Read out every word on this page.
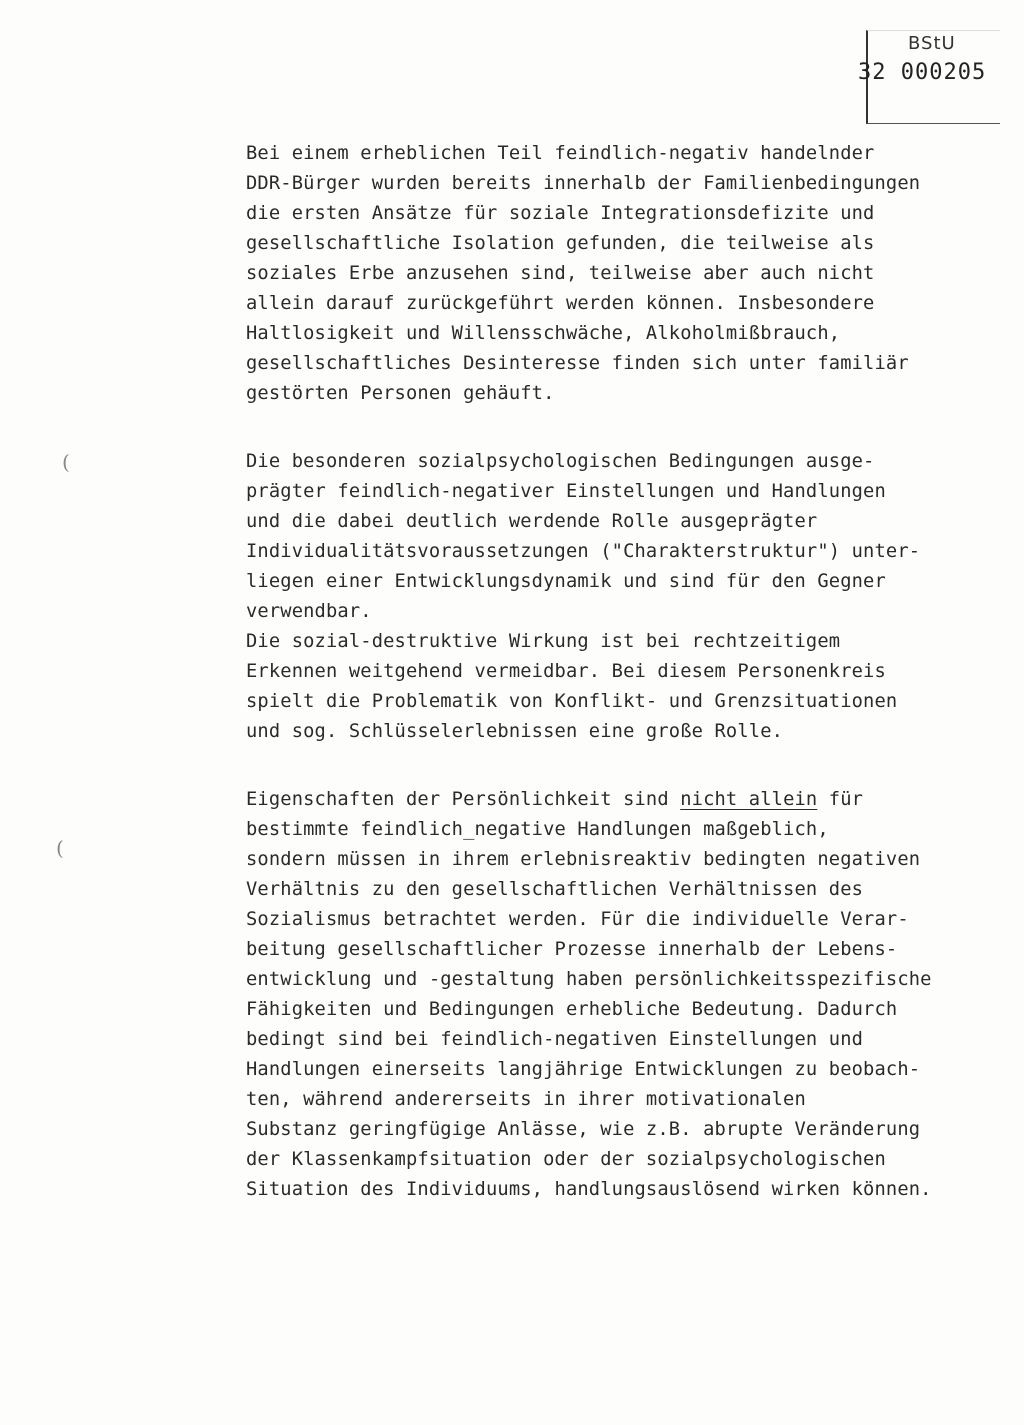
BStU
32 000205
(
(
Bei einem erheblichen Teil feindlich-negativ handelnder
DDR-Bürger wurden bereits innerhalb der Familienbedingungen
die ersten Ansätze für soziale Integrationsdefizite und
gesellschaftliche Isolation gefunden, die teilweise als
soziales Erbe anzusehen sind, teilweise aber auch nicht
allein darauf zurückgeführt werden können. Insbesondere
Haltlosigkeit und Willensschwäche, Alkoholmißbrauch,
gesellschaftliches Desinteresse finden sich unter familiär
gestörten Personen gehäuft.
Die besonderen sozialpsychologischen Bedingungen ausge-
prägter feindlich-negativer Einstellungen und Handlungen
und die dabei deutlich werdende Rolle ausgeprägter
Individualitätsvoraussetzungen ("Charakterstruktur") unter-
liegen einer Entwicklungsdynamik und sind für den Gegner
verwendbar.
Die sozial-destruktive Wirkung ist bei rechtzeitigem
Erkennen weitgehend vermeidbar. Bei diesem Personenkreis
spielt die Problematik von Konflikt- und Grenzsituationen
und sog. Schlüsselerlebnissen eine große Rolle.
Eigenschaften der Persönlichkeit sind nicht allein für
bestimmte feindlich_negative Handlungen maßgeblich,
sondern müssen in ihrem erlebnisreaktiv bedingten negativen
Verhältnis zu den gesellschaftlichen Verhältnissen des
Sozialismus betrachtet werden. Für die individuelle Verar-
beitung gesellschaftlicher Prozesse innerhalb der Lebens-
entwicklung und -gestaltung haben persönlichkeitsspezifische
Fähigkeiten und Bedingungen erhebliche Bedeutung. Dadurch
bedingt sind bei feindlich-negativen Einstellungen und
Handlungen einerseits langjährige Entwicklungen zu beobach-
ten, während andererseits in ihrer motivationalen
Substanz geringfügige Anlässe, wie z.B. abrupte Veränderung
der Klassenkampfsituation oder der sozialpsychologischen
Situation des Individuums, handlungsauslösend wirken können.
